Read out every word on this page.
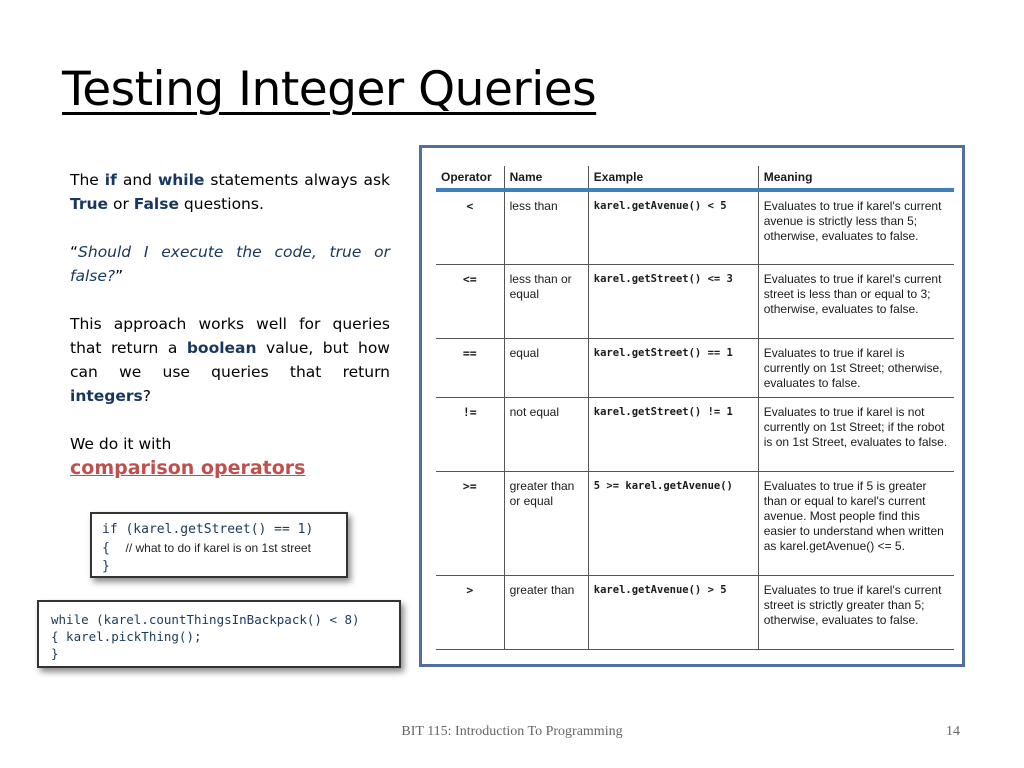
Testing Integer Queries

The if and while statements always ask True or False questions.

“Should I execute the code, true or false?”

This approach works well for queries that return a boolean value, but how can we use queries that return integers?

We do it with
comparison operators

if (karel.getStreet() == 1)
{ // what to do if karel is on 1st street
}
while (karel.countThingsInBackpack() < 8)
{ karel.pickThing();
}
Operator	Name	Example	Meaning
<	less than	karel.getAvenue() < 5	Evaluates to true if karel's current avenue is strictly less than 5; otherwise, evaluates to false.
<=	less than or equal	karel.getStreet() <= 3	Evaluates to true if karel's current street is less than or equal to 3; otherwise, evaluates to false.
==	equal	karel.getStreet() == 1	Evaluates to true if karel is currently on 1st Street; otherwise, evaluates to false.
!=	not equal	karel.getStreet() != 1	Evaluates to true if karel is not currently on 1st Street; if the robot is on 1st Street, evaluates to false.
>=	greater than or equal	5 >= karel.getAvenue()	Evaluates to true if 5 is greater than or equal to karel's current avenue. Most people find this easier to understand when written as karel.getAvenue() <= 5.
>	greater than	karel.getAvenue() > 5	Evaluates to true if karel's current street is strictly greater than 5; otherwise, evaluates to false.
BIT 115: Introduction To Programming	14
